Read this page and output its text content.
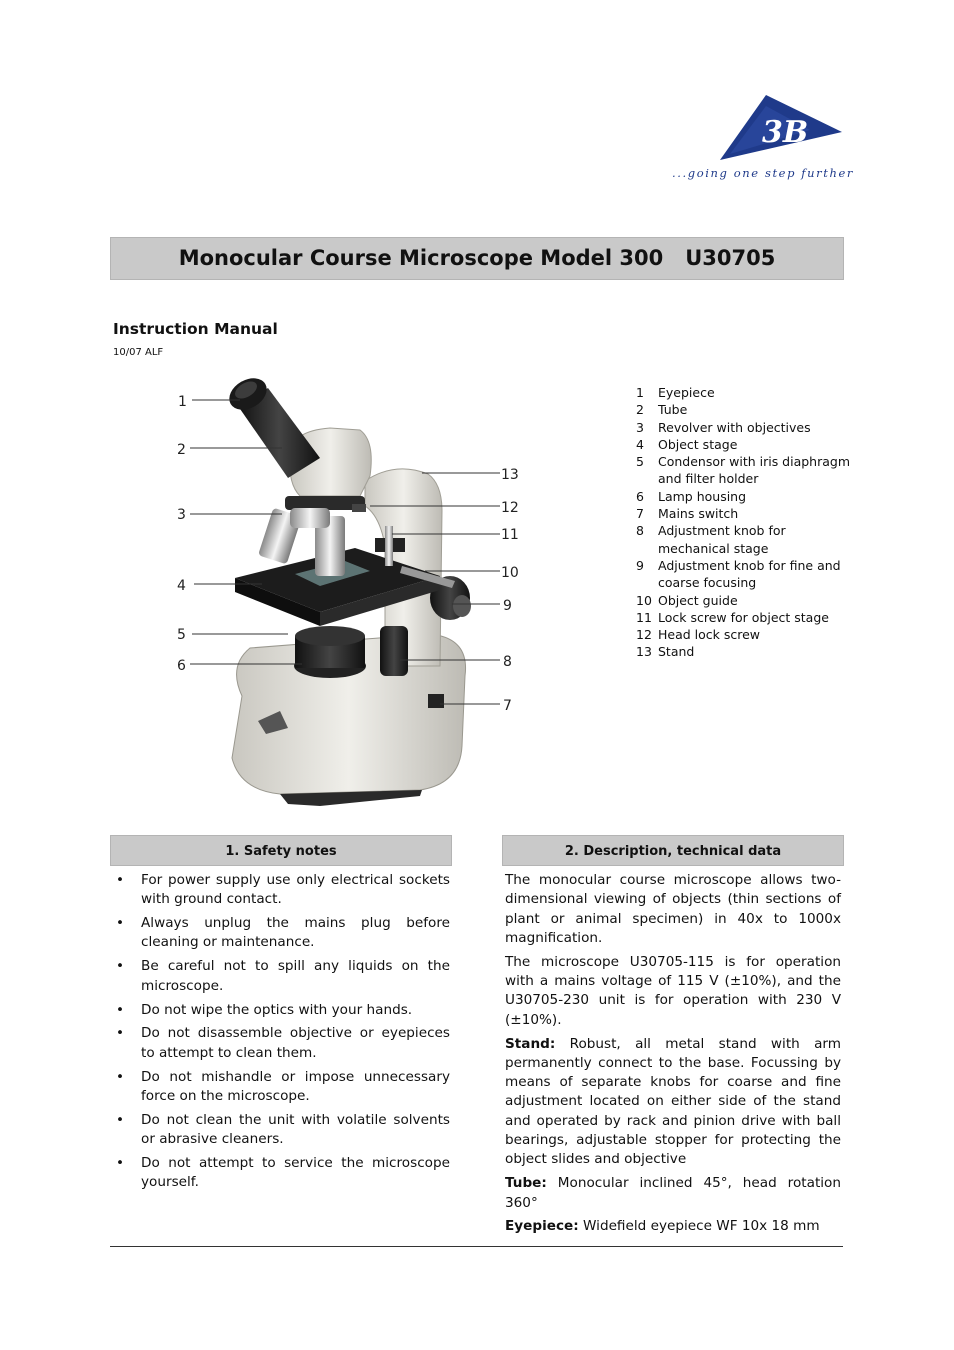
3B
...going one step further
Monocular Course Microscope Model 300   U30705
Instruction Manual
10/07 ALF
1
2
3
4
5
6
7
8
9
10
11
12
13
1	Eyepiece
2	Tube
3	Revolver with objectives
4	Object stage
5	Condensor with iris diaphragm and filter holder
6	Lamp housing
7	Mains switch
8	Adjustment knob for mechanical stage
9	Adjustment knob for fine and coarse focusing
10 Object guide
11 Lock screw for object stage
12 Head lock screw
13 Stand
1. Safety notes
• For power supply use only electrical sockets with ground contact.
• Always unplug the mains plug before cleaning or maintenance.
• Be careful not to spill any liquids on the microscope.
• Do not wipe the optics with your hands.
• Do not disassemble objective or eyepieces to attempt to clean them.
• Do not mishandle or impose unnecessary force on the microscope.
• Do not clean the unit with volatile solvents or abrasive cleaners.
• Do not attempt to service the microscope yourself.
2. Description, technical data

The monocular course microscope allows two-dimensional viewing of objects (thin sections of plant or animal specimen) in 40x to 1000x magnification.

The microscope U30705-115 is for operation with a mains voltage of 115 V (±10%), and the U30705-230 unit is for operation with 230 V (±10%).

Stand: Robust, all metal stand with arm permanently connect to the base. Focussing by means of separate knobs for coarse and fine adjustment located on either side of the stand and operated by rack and pinion drive with ball bearings, adjustable stopper for protecting the object slides and objective

Tube: Monocular inclined 45°, head rotation 360°

Eyepiece: Widefield eyepiece WF 10x 18 mm
